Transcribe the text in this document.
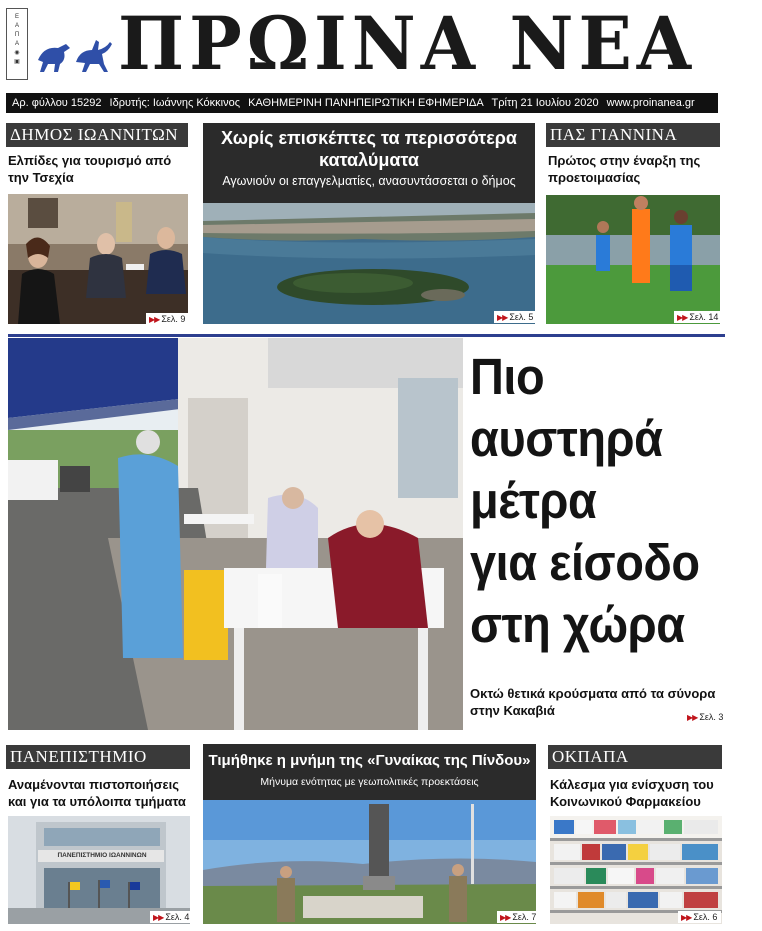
Ε
Α
Π
Α
◉
▣ ΠΡΩΙΝΑ ΝΕΑ
Αρ. φύλλου 15292 Ιδρυτής: Ιωάννης Κόκκινος ΚΑΘΗΜΕΡΙΝΗ ΠΑΝΗΠΕΙΡΩΤΙΚΗ ΕΦΗΜΕΡΙΔΑ Τρίτη 21 Ιουλίου 2020 www.proinanea.gr
ΔΗΜΟΣ ΙΩΑΝΝΙΤΩΝ
Ελπίδες για τουρισμό από την Τσεχία
▶▶ Σελ. 9
Χωρίς επισκέπτες τα περισσότερα καταλύματα
Αγωνιούν οι επαγγελματίες, ανασυντάσσεται ο δήμος
▶▶ Σελ. 5
ΠΑΣ ΓΙΑΝΝΙΝΑ
Πρώτος στην έναρξη της προετοιμασίας
▶▶ Σελ. 14
Πιο
αυστηρά
μέτρα
για είσοδο
στη χώρα
Οκτώ θετικά κρούσματα από τα σύνορα στην Κακαβιά	▶▶ Σελ. 3
ΠΑΝΕΠΙΣΤΗΜΙΟ
Αναμένονται πιστοποιήσεις και για τα υπόλοιπα τμήματα
ΠΑΝΕΠΙΣΤΗΜΙΟ ΙΩΑΝΝΙΝΩΝ
▶▶ Σελ. 4
Τιμήθηκε η μνήμη της «Γυναίκας της Πίνδου»
Μήνυμα ενότητας με γεωπολιτικές προεκτάσεις
▶▶ Σελ. 7
ΟΚΠΑΠΑ
Κάλεσμα για ενίσχυση του Κοινωνικού Φαρμακείου
▶▶ Σελ. 6
